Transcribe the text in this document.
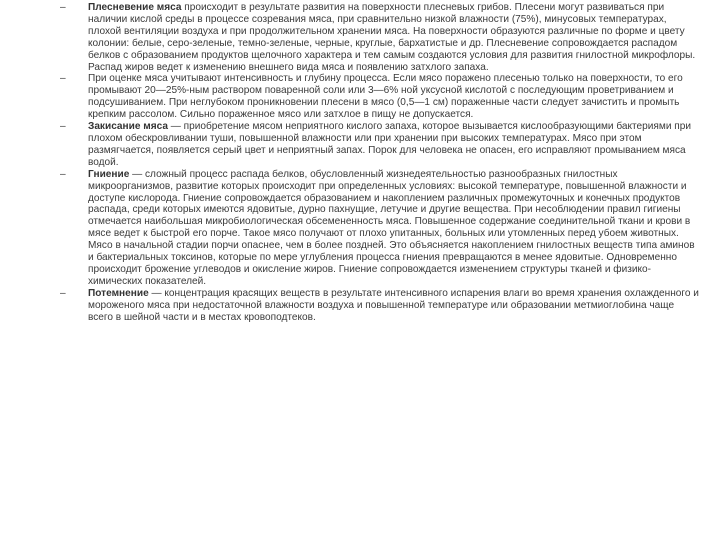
– Плесневение мяса происходит в результате развития на поверхности плесневых грибов. Плесени могут развиваться при наличии кислой среды в процессе созревания мяса, при сравнительно низкой влажности (75%), минусовых температурах, плохой вентиляции воздуха и при продолжительном хранении мяса. На поверхности образуются различные по форме и цвету колонии: белые, серо-зеленые, темно-зеленые, черные, круглые, бархатистые и др. Плесневение сопровождается распадом белков с образованием продуктов щелочного характера и тем самым создаются условия для развития гнилостной микрофлоры. Распад жиров ведет к изменению внешнего вида мяса и появлению затхлого запаха.
– При оценке мяса учитывают интенсивность и глубину процесса. Если мясо поражено плесенью только на поверхности, то его промывают 20—25%-ным раствором поваренной соли или 3—6% ной уксусной кислотой с последующим проветриванием и подсушиванием. При неглубоком проникновении плесени в мясо (0,5—1 см) пораженные части следует зачистить и промыть крепким рассолом. Сильно пораженное мясо или затхлое в пищу не допускается.
– Закисание мяса — приобретение мясом неприятного кислого запаха, которое вызывается кислообразующими бактериями при плохом обескровливании туши, повышенной влажности или при хранении при высоких температурах. Мясо при этом размягчается, появляется серый цвет и неприятный запах. Порок для человека не опасен, его исправляют промыванием мяса водой.
– Гниение — сложный процесс распада белков, обусловленный жизнедеятельностью разнообразных гнилостных микроорганизмов, развитие которых происходит при определенных условиях: высокой температуре, повышенной влажности и доступе кислорода. Гниение сопровождается образованием и накоплением различных промежуточных и конечных продуктов распада, среди которых имеются ядовитые, дурно пахнущие, летучие и другие вещества. При несоблюдении правил гигиены отмечается наибольшая микробиологическая обсемененность мяса. Повышенное содержание соединительной ткани и крови в мясе ведет к быстрой его порче. Такое мясо получают от плохо упитанных, больных или утомленных перед убоем животных. Мясо в начальной стадии порчи опаснее, чем в более поздней. Это объясняется накоплением гнилостных веществ типа аминов и бактериальных токсинов, которые по мере углубления процесса гниения превращаются в менее ядовитые. Одновременно происходит брожение углеводов и окисление жиров. Гниение сопровождается изменением структуры тканей и физико-химических показателей.
– Потемнение — концентрация красящих веществ в результате интенсивного испарения влаги во время хранения охлажденного и мороженого мяса при недостаточной влажности воздуха и повышенной температуре или образовании метмиоглобина чаще всего в шейной части и в местах кровоподтеков.
